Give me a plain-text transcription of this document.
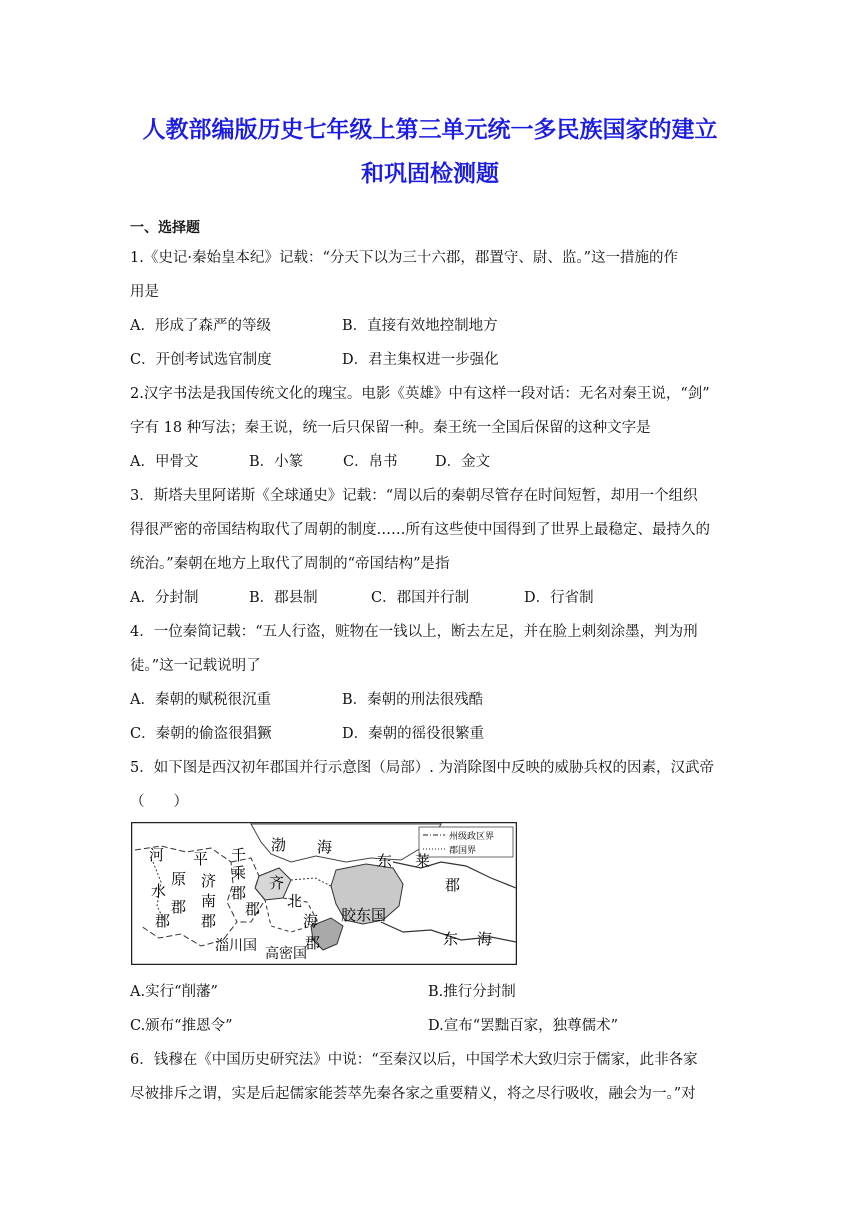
人教部编版历史七年级上第三单元统一多民族国家的建立
和巩固检测题
一、选择题
1.《史记·秦始皇本纪》记载：“分天下以为三十六郡，郡置守、尉、监。”这一措施的作
用是
A．形成了森严的等级	B．直接有效地控制地方
C．开创考试选官制度	D．君主集权进一步强化
2.汉字书法是我国传统文化的瑰宝。电影《英雄》中有这样一段对话：无名对秦王说，“剑”
字有 18 种写法；秦王说，统一后只保留一种。秦王统一全国后保留的这种文字是
A．甲骨文	B．小篆	C．帛书	D．金文
3．斯塔夫里阿诺斯《全球通史》记载：“周以后的秦朝尽管存在时间短暂，却用一个组织
得很严密的帝国结构取代了周朝的制度……所有这些使中国得到了世界上最稳定、最持久的
统治。”秦朝在地方上取代了周制的“帝国结构”是指
A．分封制	B．郡县制	C．郡国并行制	D．行省制
4．一位秦简记载：“五人行盗，赃物在一钱以上，断去左足，并在脸上刺刻涂墨，判为刑
徒。”这一记载说明了
A．秦朝的赋税很沉重	B．秦朝的刑法很残酷
C．秦朝的偷盗很猖獗	D．秦朝的徭役很繁重
5．如下图是西汉初年郡国并行示意图（局部）. 为消除图中反映的威胁兵权的因素，汉武帝
（　　）
州级政区界
郡国界
河
水
郡
平
原
郡
千
乘
郡
济
南
郡
齐
郡 北
海
郡
渤 海
东 莱
郡
胶东国
东 海
淄川国 高密国
A.实行“削藩”	B.推行分封制
C.颁布“推恩令”	D.宣布“罢黜百家，独尊儒术”
6．钱穆在《中国历史研究法》中说：“至秦汉以后，中国学术大致归宗于儒家，此非各家
尽被排斥之谓，实是后起儒家能荟萃先秦各家之重要精义，将之尽行吸收，融会为一。”对
